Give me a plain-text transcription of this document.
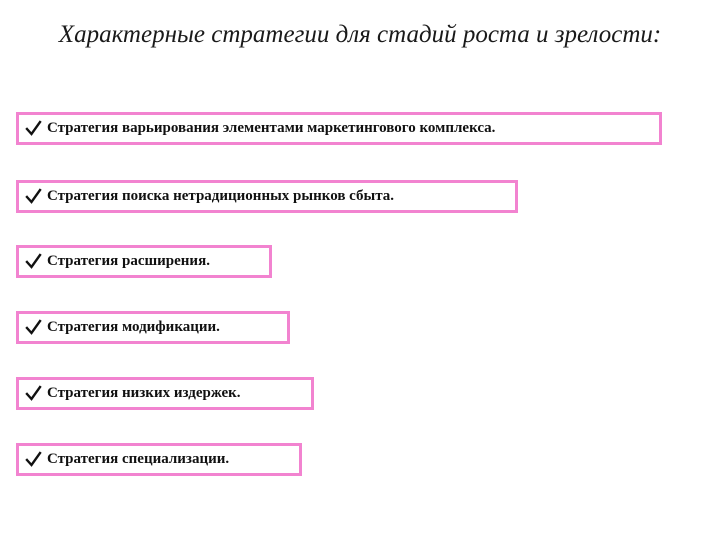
Характерные стратегии для стадий роста и зрелости:
Стратегия варьирования элементами маркетингового комплекса.
Стратегия поиска нетрадиционных рынков сбыта.
Стратегия расширения.
Стратегия модификации.
Стратегия низких издержек.
Стратегия специализации.
